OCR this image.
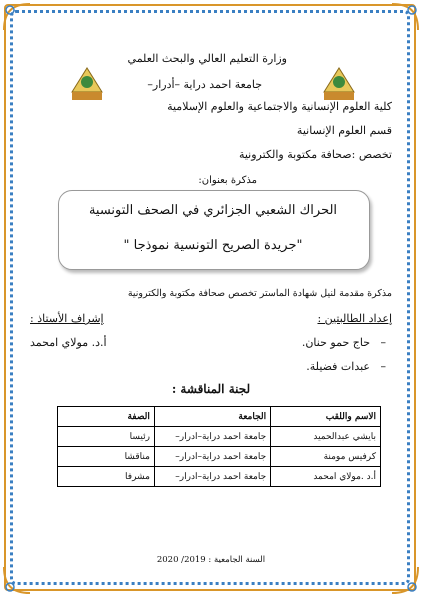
وزارة التعليم العالي والبحث العلمي
جامعة احمد دراية –أدرار–
كلية العلوم الإنسانية والاجتماعية والعلوم الإسلامية
قسم العلوم الإنسانية
تخصص :صحافة مكتوبة والكترونية
مذكرة بعنوان:
الحراك الشعبي الجزائري في الصحف التونسية
"جريدة الصريح التونسية نموذجا "
مذكرة مقدمة لنيل شهادة الماستر تخصص صحافة مكتوبة والكترونية
إعداد الطالبتين :
–
حاج حمو حنان.
–
عبدات فضيلة.
إشراف الأستاذ :
أ.د. مولاي امحمد
لجنة المناقشة :
الاسم واللقب	الجامعة	الصفة
بايشي عبدالحميد	جامعة احمد دراية–ادرار–	رئيسا
كرفيس مومنة	جامعة احمد دراية–ادرار–	مناقشا
أ.د .مولاي امحمد	جامعة احمد دراية–ادرار–	مشرفا
السنة الجامعية : 2019/ 2020
